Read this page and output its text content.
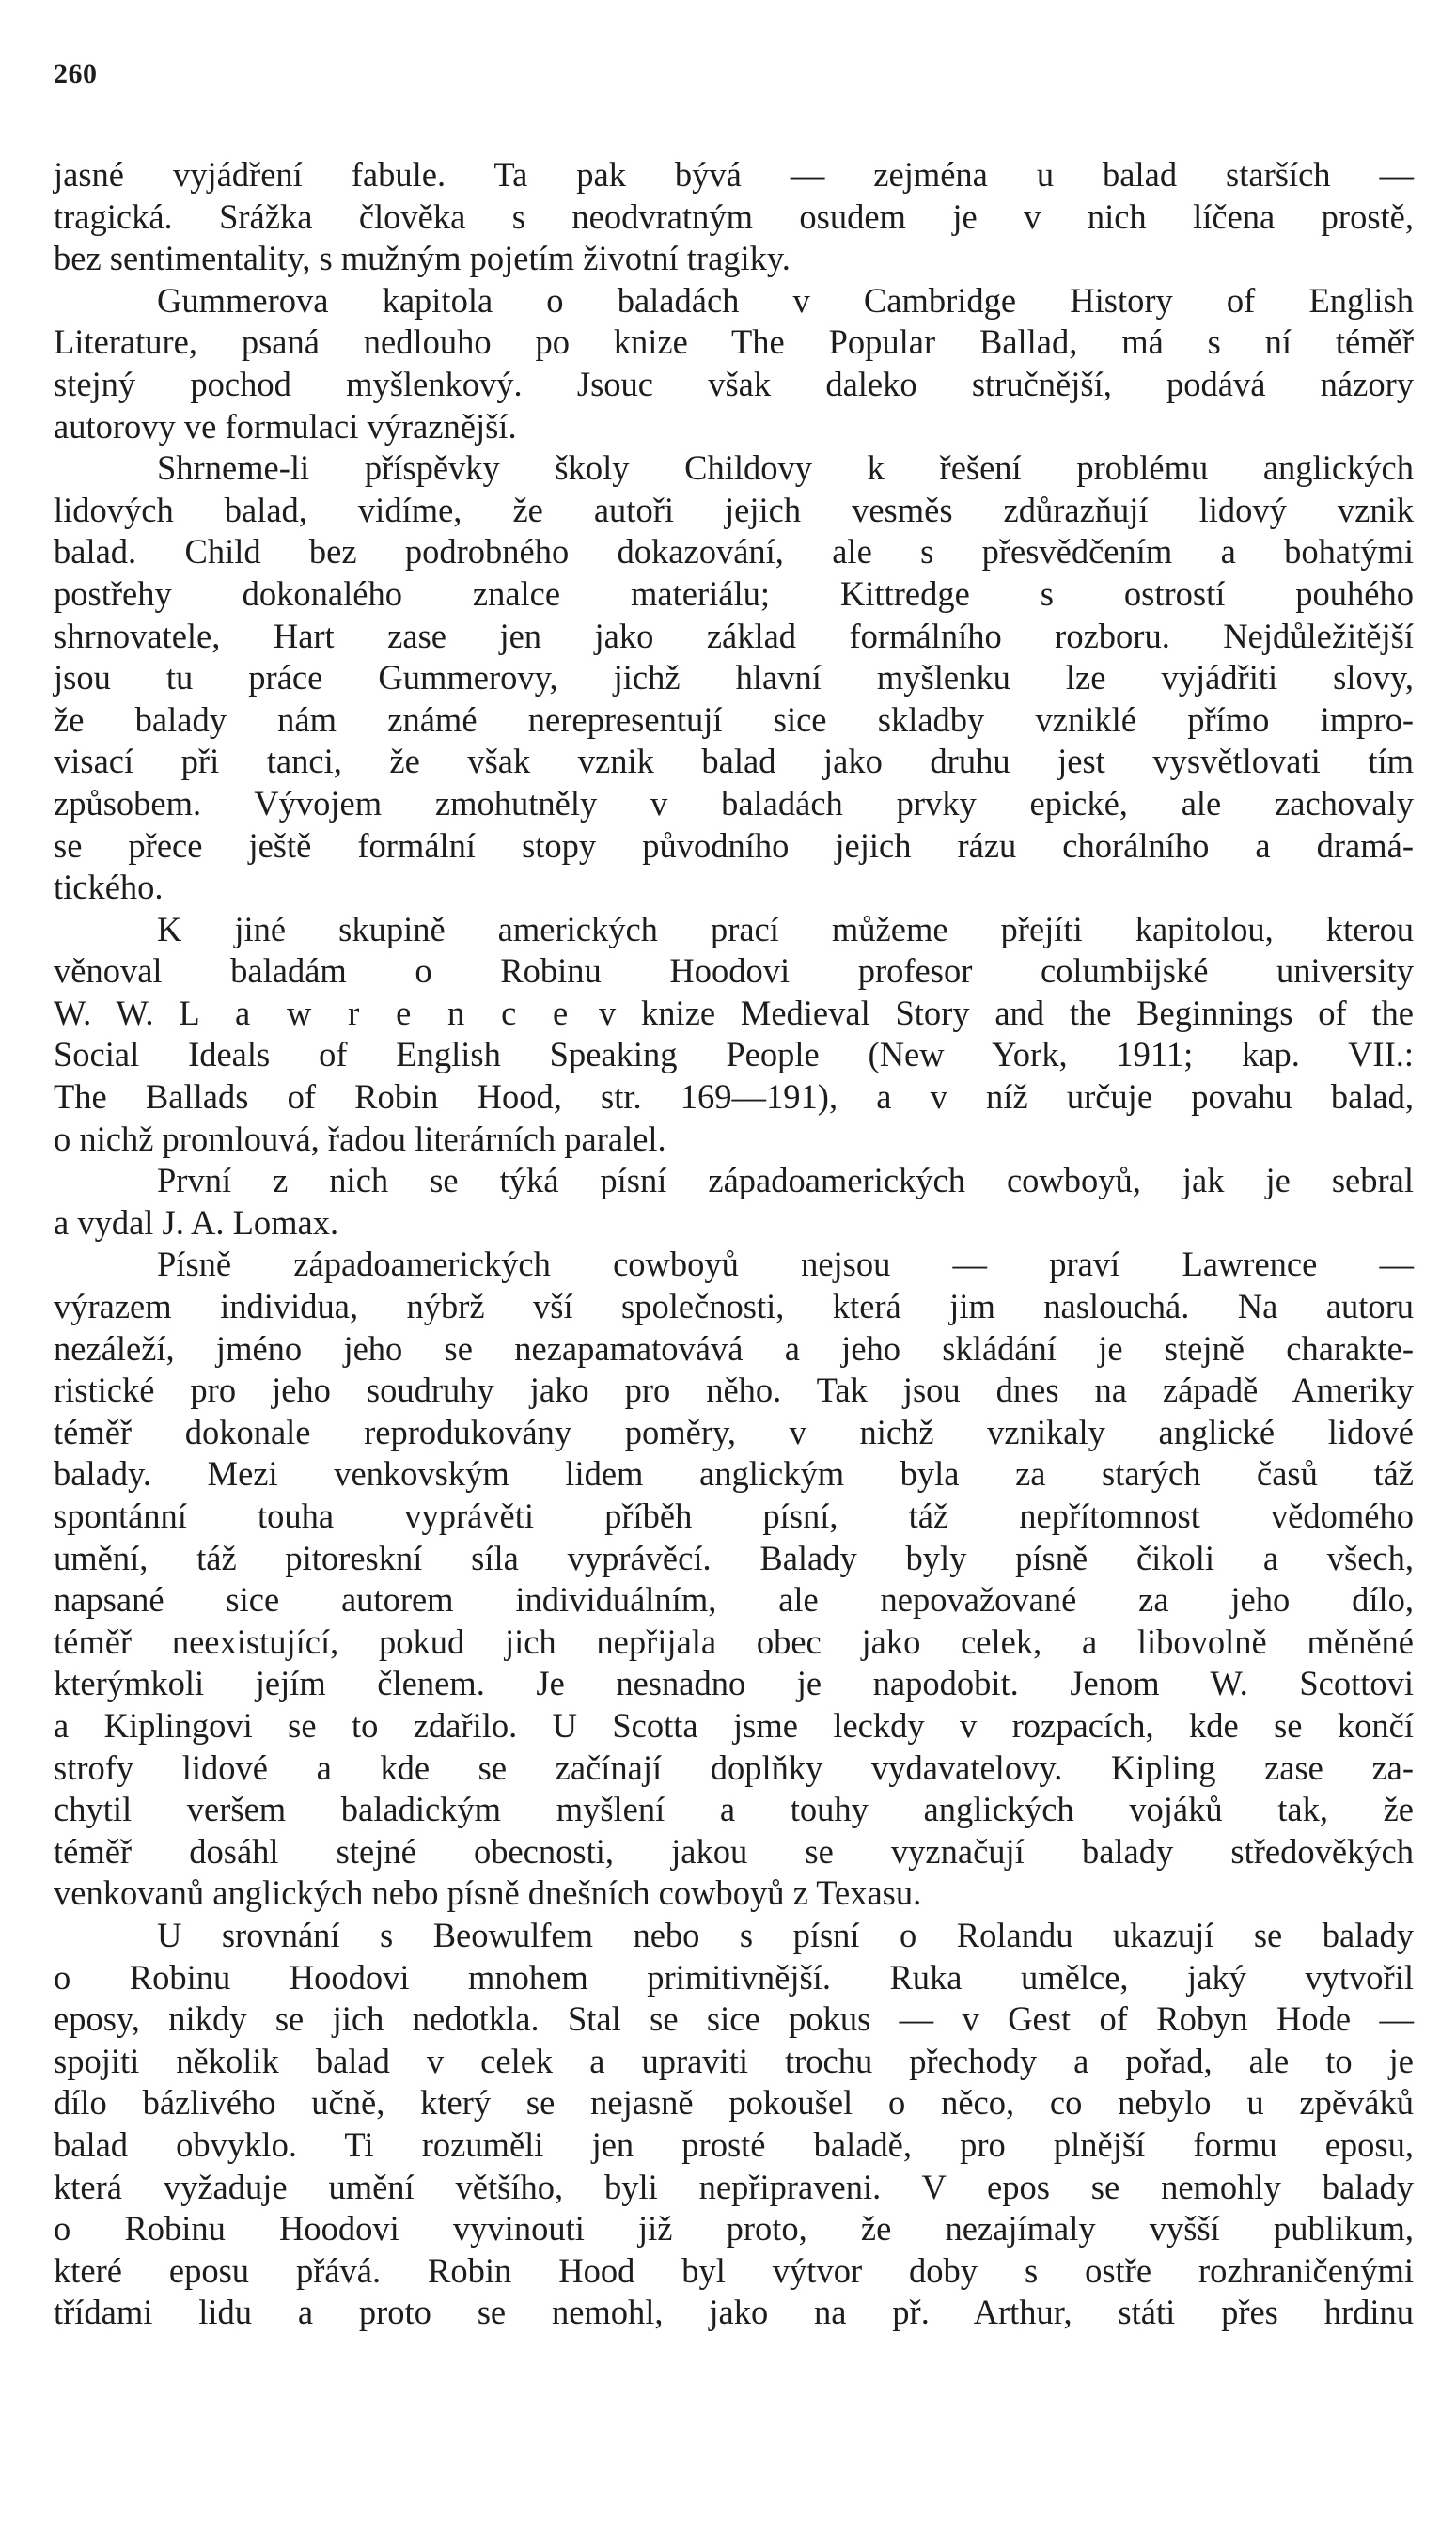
260

jasné vyjádření fabule. Ta pak bývá — zejména u balad starších —
tragická. Srážka člověka s neodvratným osudem je v nich líčena prostě,
bez sentimentality, s mužným pojetím životní tragiky.

Gummerova kapitola o baladách v Cambridge History of English
Literature, psaná nedlouho po knize The Popular Ballad, má s ní téměř
stejný pochod myšlenkový. Jsouc však daleko stručnější, podává názory
autorovy ve formulaci výraznější.

Shrneme-li příspěvky školy Childovy k řešení problému anglických
lidových balad, vidíme, že autoři jejich vesměs zdůrazňují lidový vznik
balad. Child bez podrobného dokazování, ale s přesvědčením a bohatými
postřehy dokonalého znalce materiálu; Kittredge s ostrostí pouhého
shrnovatele, Hart zase jen jako základ formálního rozboru. Nejdůležitější
jsou tu práce Gummerovy, jichž hlavní myšlenku lze vyjádřiti slovy,
že balady nám známé nerepresentují sice skladby vzniklé přímo impro-
visací při tanci, že však vznik balad jako druhu jest vysvětlovati tím
způsobem. Vývojem zmohutněly v baladách prvky epické, ale zachovaly
se přece ještě formální stopy původního jejich rázu chorálního a dramá-
tického.

K jiné skupině amerických prací můžeme přejíti kapitolou, kterou
věnoval baladám o Robinu Hoodovi profesor columbijské university
W. W. L a w r e n c e v knize Medieval Story and the Beginnings of the
Social Ideals of English Speaking People (New York, 1911; kap. VII.:
The Ballads of Robin Hood, str. 169—191), a v níž určuje povahu balad,
o nichž promlouvá, řadou literárních paralel.

První z nich se týká písní západoamerických cowboyů, jak je sebral
a vydal J. A. Lomax.

Písně západoamerických cowboyů nejsou — praví Lawrence —
výrazem individua, nýbrž vší společnosti, která jim naslouchá. Na autoru
nezáleží, jméno jeho se nezapamatovává a jeho skládání je stejně charakte-
ristické pro jeho soudruhy jako pro něho. Tak jsou dnes na západě Ameriky
téměř dokonale reprodukovány poměry, v nichž vznikaly anglické lidové
balady. Mezi venkovským lidem anglickým byla za starých časů táž
spontánní touha vyprávěti příběh písní, táž nepřítomnost vědomého
umění, táž pitoreskní síla vyprávěcí. Balady byly písně čikoli a všech,
napsané sice autorem individuálním, ale nepovažované za jeho dílo,
téměř neexistující, pokud jich nepřijala obec jako celek, a libovolně měněné
kterýmkoli jejím členem. Je nesnadno je napodobit. Jenom W. Scottovi
a Kiplingovi se to zdařilo. U Scotta jsme leckdy v rozpacích, kde se končí
strofy lidové a kde se začínají doplňky vydavatelovy. Kipling zase za-
chytil veršem baladickým myšlení a touhy anglických vojáků tak, že
téměř dosáhl stejné obecnosti, jakou se vyznačují balady středověkých
venkovanů anglických nebo písně dnešních cowboyů z Texasu.

U srovnání s Beowulfem nebo s písní o Rolandu ukazují se balady
o Robinu Hoodovi mnohem primitivnější. Ruka umělce, jaký vytvořil
eposy, nikdy se jich nedotkla. Stal se sice pokus — v Gest of Robyn Hode —
spojiti několik balad v celek a upraviti trochu přechody a pořad, ale to je
dílo bázlivého učně, který se nejasně pokoušel o něco, co nebylo u zpěváků
balad obvyklo. Ti rozuměli jen prosté baladě, pro plnější formu eposu,
která vyžaduje umění většího, byli nepřipraveni. V epos se nemohly balady
o Robinu Hoodovi vyvinouti již proto, že nezajímaly vyšší publikum,
které eposu přává. Robin Hood byl výtvor doby s ostře rozhraničenými
třídami lidu a proto se nemohl, jako na př. Arthur, státi přes hrdinu
